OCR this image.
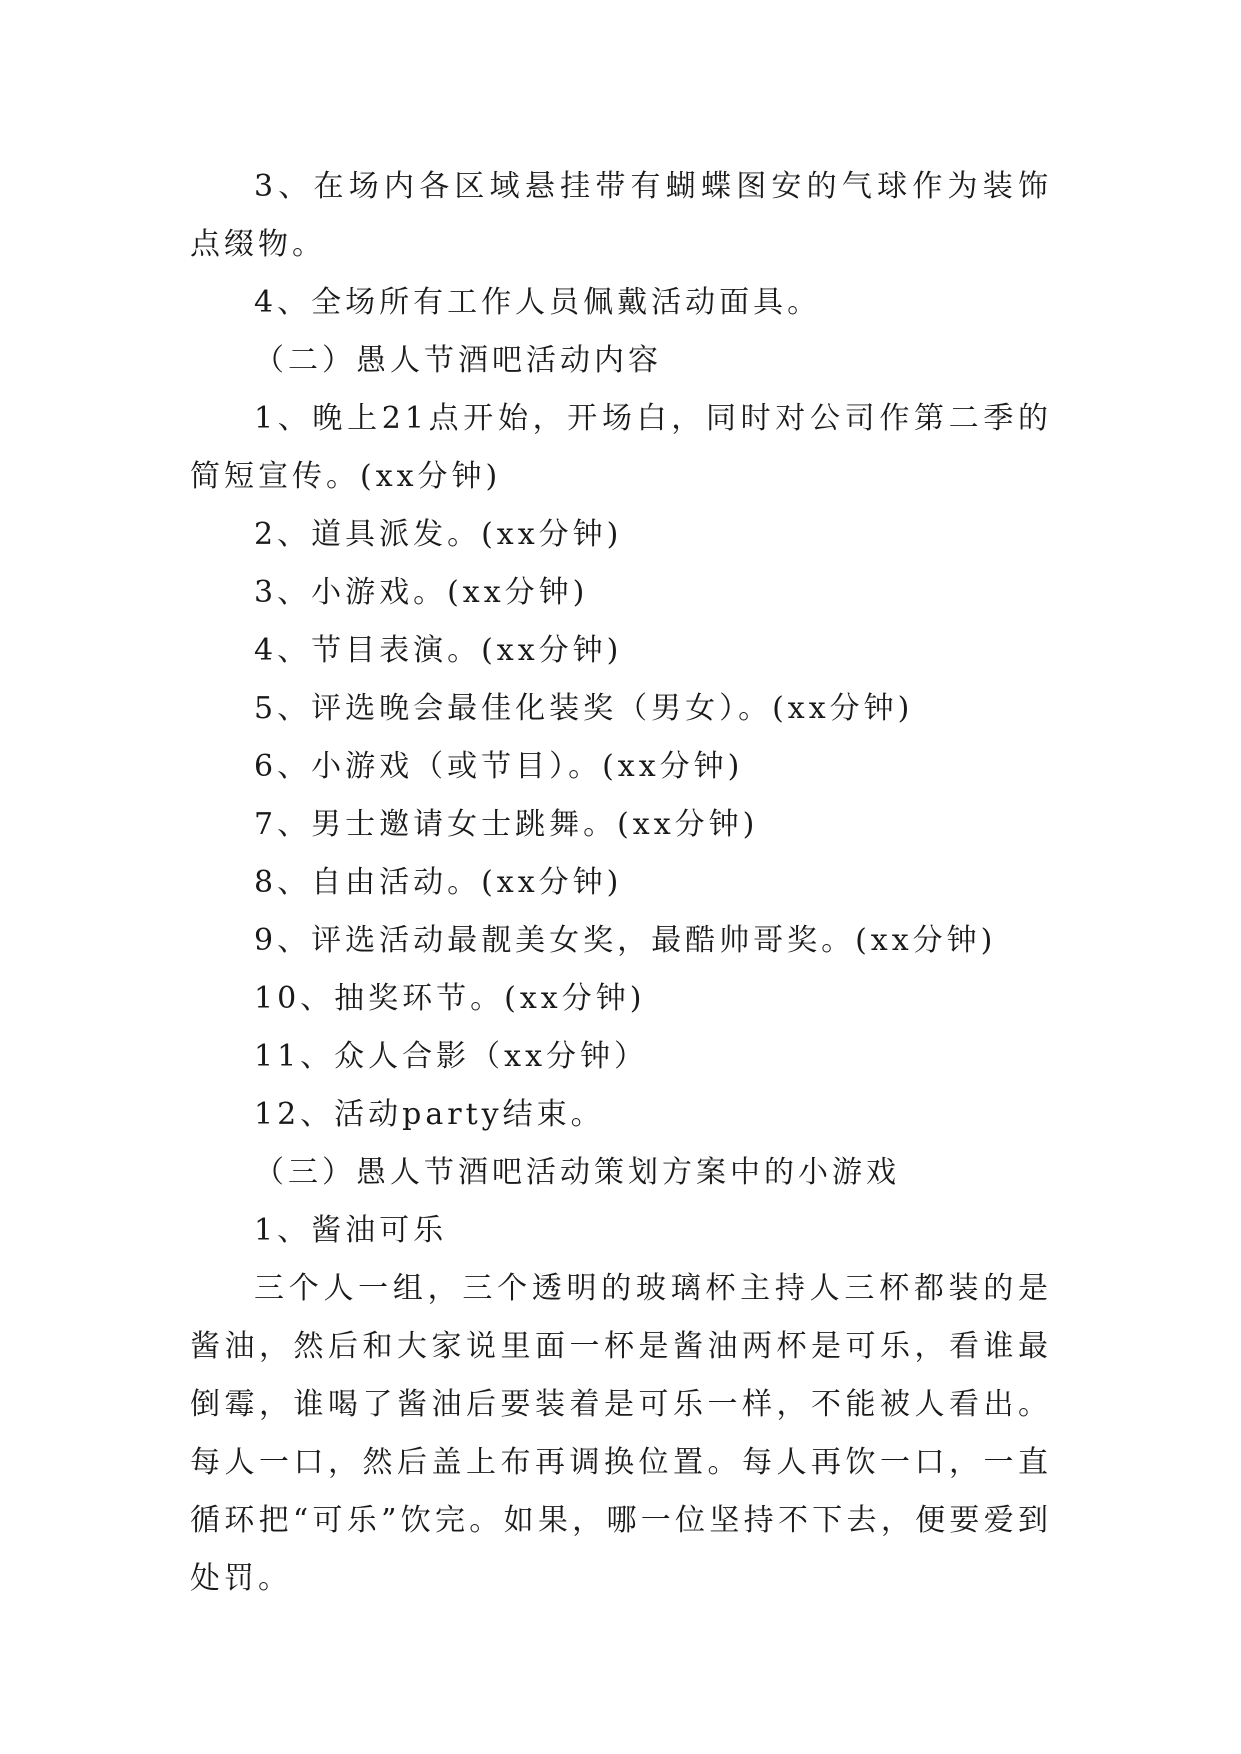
3、在场内各区域悬挂带有蝴蝶图安的气球作为装饰点缀物。

4、全场所有工作人员佩戴活动面具。

（二）愚人节酒吧活动内容

1、晚上21点开始，开场白，同时对公司作第二季的简短宣传。(xx分钟)

2、道具派发。(xx分钟)

3、小游戏。(xx分钟)

4、节目表演。(xx分钟)

5、评选晚会最佳化装奖（男女）。(xx分钟)

6、小游戏（或节目）。(xx分钟)

7、男士邀请女士跳舞。(xx分钟)

8、自由活动。(xx分钟)

9、评选活动最靓美女奖，最酷帅哥奖。(xx分钟)

10、抽奖环节。(xx分钟)

11、众人合影（xx分钟）

12、活动party结束。

（三）愚人节酒吧活动策划方案中的小游戏

1、酱油可乐

三个人一组，三个透明的玻璃杯主持人三杯都装的是酱油，然后和大家说里面一杯是酱油两杯是可乐，看谁最倒霉，谁喝了酱油后要装着是可乐一样，不能被人看出。每人一口，然后盖上布再调换位置。每人再饮一口，一直循环把“可乐”饮完。如果，哪一位坚持不下去，便要爱到处罚。
